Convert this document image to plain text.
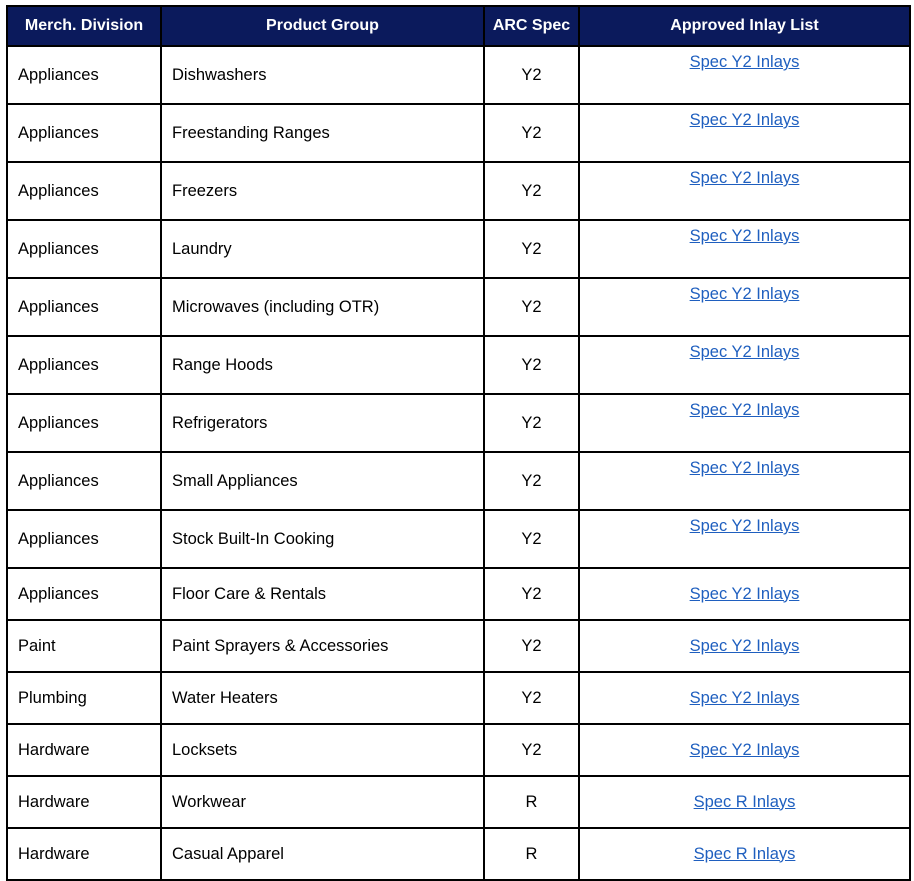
Merch. Division	Product Group	ARC Spec	Approved Inlay List
Appliances	Dishwashers	Y2	Spec Y2 Inlays
Appliances	Freestanding Ranges	Y2	Spec Y2 Inlays
Appliances	Freezers	Y2	Spec Y2 Inlays
Appliances	Laundry	Y2	Spec Y2 Inlays
Appliances	Microwaves (including OTR)	Y2	Spec Y2 Inlays
Appliances	Range Hoods	Y2	Spec Y2 Inlays
Appliances	Refrigerators	Y2	Spec Y2 Inlays
Appliances	Small Appliances	Y2	Spec Y2 Inlays
Appliances	Stock Built-In Cooking	Y2	Spec Y2 Inlays
Appliances	Floor Care & Rentals	Y2	Spec Y2 Inlays
Paint	Paint Sprayers & Accessories	Y2	Spec Y2 Inlays
Plumbing	Water Heaters	Y2	Spec Y2 Inlays
Hardware	Locksets	Y2	Spec Y2 Inlays
Hardware	Workwear	R	Spec R Inlays
Hardware	Casual Apparel	R	Spec R Inlays
